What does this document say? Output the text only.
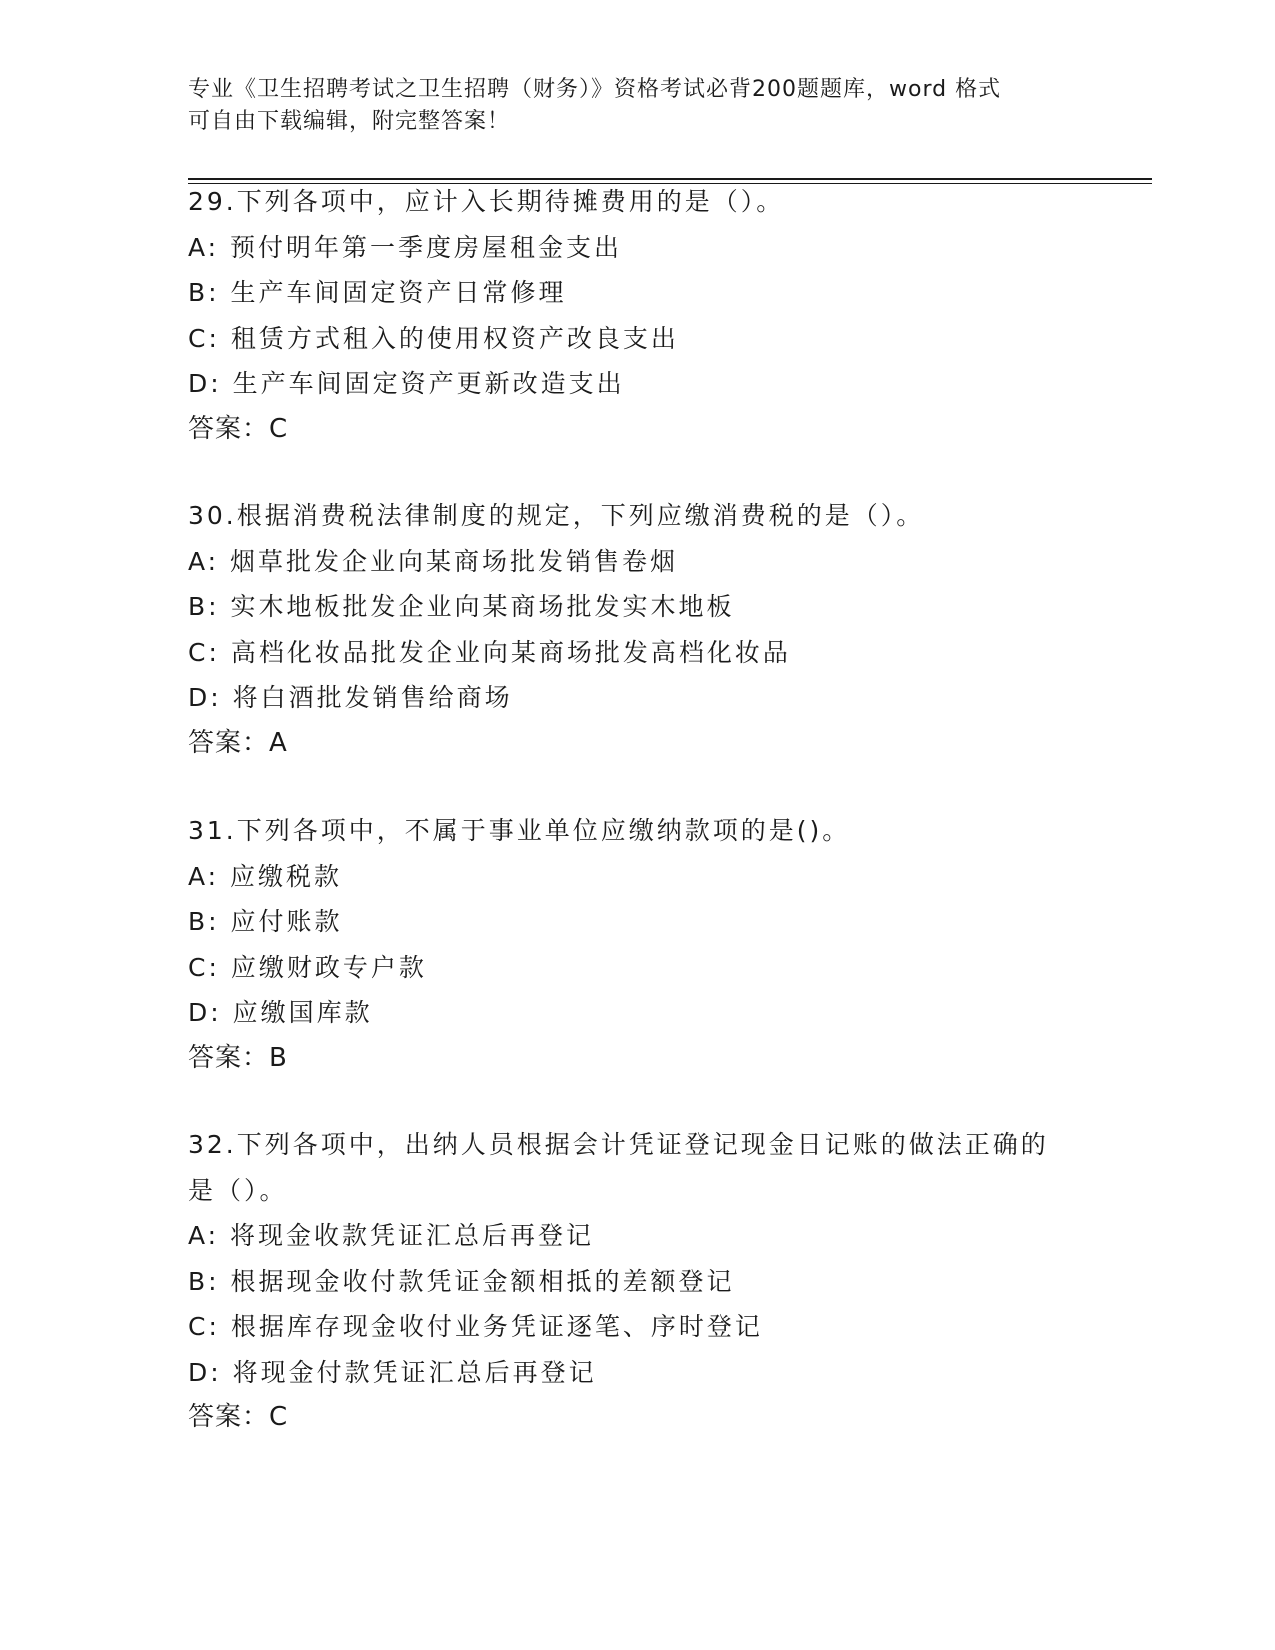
专业《卫生招聘考试之卫生招聘（财务）》资格考试必背200题题库，word 格式
可自由下载编辑，附完整答案！
29.下列各项中，应计入长期待摊费用的是（）。
A: 预付明年第一季度房屋租金支出
B: 生产车间固定资产日常修理
C: 租赁方式租入的使用权资产改良支出
D: 生产车间固定资产更新改造支出
答案：C
30.根据消费税法律制度的规定，下列应缴消费税的是（）。
A: 烟草批发企业向某商场批发销售卷烟
B: 实木地板批发企业向某商场批发实木地板
C: 高档化妆品批发企业向某商场批发高档化妆品
D: 将白酒批发销售给商场
答案：A
31.下列各项中，不属于事业单位应缴纳款项的是()。
A: 应缴税款
B: 应付账款
C: 应缴财政专户款
D: 应缴国库款
答案：B
32.下列各项中，出纳人员根据会计凭证登记现金日记账的做法正确的
是（）。
A: 将现金收款凭证汇总后再登记
B: 根据现金收付款凭证金额相抵的差额登记
C: 根据库存现金收付业务凭证逐笔、序时登记
D: 将现金付款凭证汇总后再登记
答案：C
